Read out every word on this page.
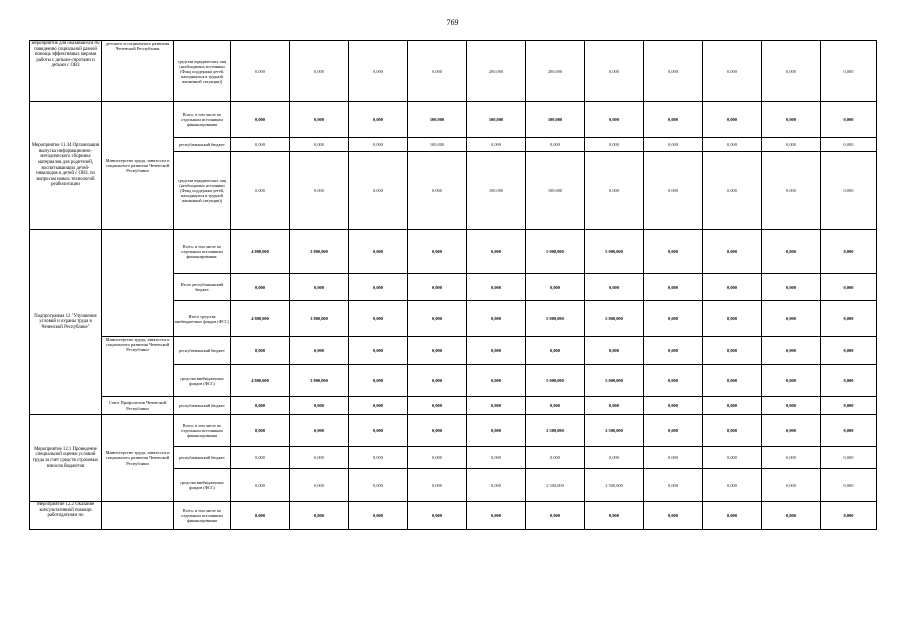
769
мероприятие для оказавшихся по поведению социальной разной помощь эффективных мерами работы с детьми-сиротами и детьми с ОВЗ	детского и социального развития Чеченской Республики	средства юридических лиц (необходимых источники (Фонд поддержки детей, находящихся в трудной жизненной ситуации))	0,000	0,000	0,000	0,000	200,000	200,000	0,000	0,000	0,000	0,000	0,000
Мероприятие 11.34 Организация выпуска информационно-методического сборника материалов для родителей, воспитывающих детей-инвалидов и детей с ОВЗ, по вопросам новых технологий реабилитации	Министерство труда, занятости и социального развития Чеченской Республики	Всего, в том числе по отдельным источникам финансирования	0,000	0,000	0,000	100,000	100,000	100,000	0,000	0,000	0,000	0,000	0,000
		республиканский бюджет	0,000	0,000	0,000	100,000	0,000	0,000	0,000	0,000	0,000	0,000	0,000
		средства юридических лиц (необходимых источники (Фонд поддержки детей, находящихся в трудной жизненной ситуации))	0,000	0,000	0,000	0,000	100,000	100,000	0,000	0,000	0,000	0,000	0,000
Подпрограмма 12 "Улучшение условий и охраны труда в Чеченской Республике"		Всего, в том числе по отдельным источникам финансирования:	4 800,000	3 800,000	0,000	0,000	0,000	5 000,000	5 000,000	0,000	0,000	0,000	0,000
		Итого республиканский бюджет	0,000	0,000	0,000	0,000	0,000	0,000	0,000	0,000	0,000	0,000	0,000
		Итого средства внебюджетных фондов (ФСС)	4 800,000	3 800,000	0,000	0,000	0,000	5 000,000	5 000,000	0,000	0,000	0,000	0,000
	Министерство труда, занятости и социального развития Чеченской Республики	республиканский бюджет	0,000	0,000	0,000	0,000	0,000	0,000	0,000	0,000	0,000	0,000	0,000
		средства внебюджетных фондов (ФСС)	4 800,000	3 800,000	0,000	0,000	0,000	5 000,000	5 000,000	0,000	0,000	0,000	0,000
	Союз Профсоюзов Чеченской Республики	республиканский бюджет	0,000	0,000	0,000	0,000	0,000	0,000	0,000	0,000	0,000	0,000	0,000
Мероприятие 12.1 Проведение специальной оценки условий труда за счет средств страховых взносов бюджетов	Министерство труда, занятости и социального развития Чеченской Республики	Всего, в том числе по отдельным источникам финансирования	0,000	0,000	0,000	0,000	0,000	2 500,000	2 500,000	0,000	0,000	0,000	0,000
		республиканский бюджет	0,000	0,000	0,000	0,000	0,000	0,000	0,000	0,000	0,000	0,000	0,000
		средства внебюджетных фондов (ФСС)	0,000	0,000	0,000	0,000	0,000	2 500,000	2 500,000	0,000	0,000	0,000	0,000
Мероприятие 12.2 Оказание консультативной помощи работодателям по		Всего, в том числе по отдельным источникам финансирования	0,000	0,000	0,000	0,000	0,000	0,000	0,000	0,000	0,000	0,000	0,000
